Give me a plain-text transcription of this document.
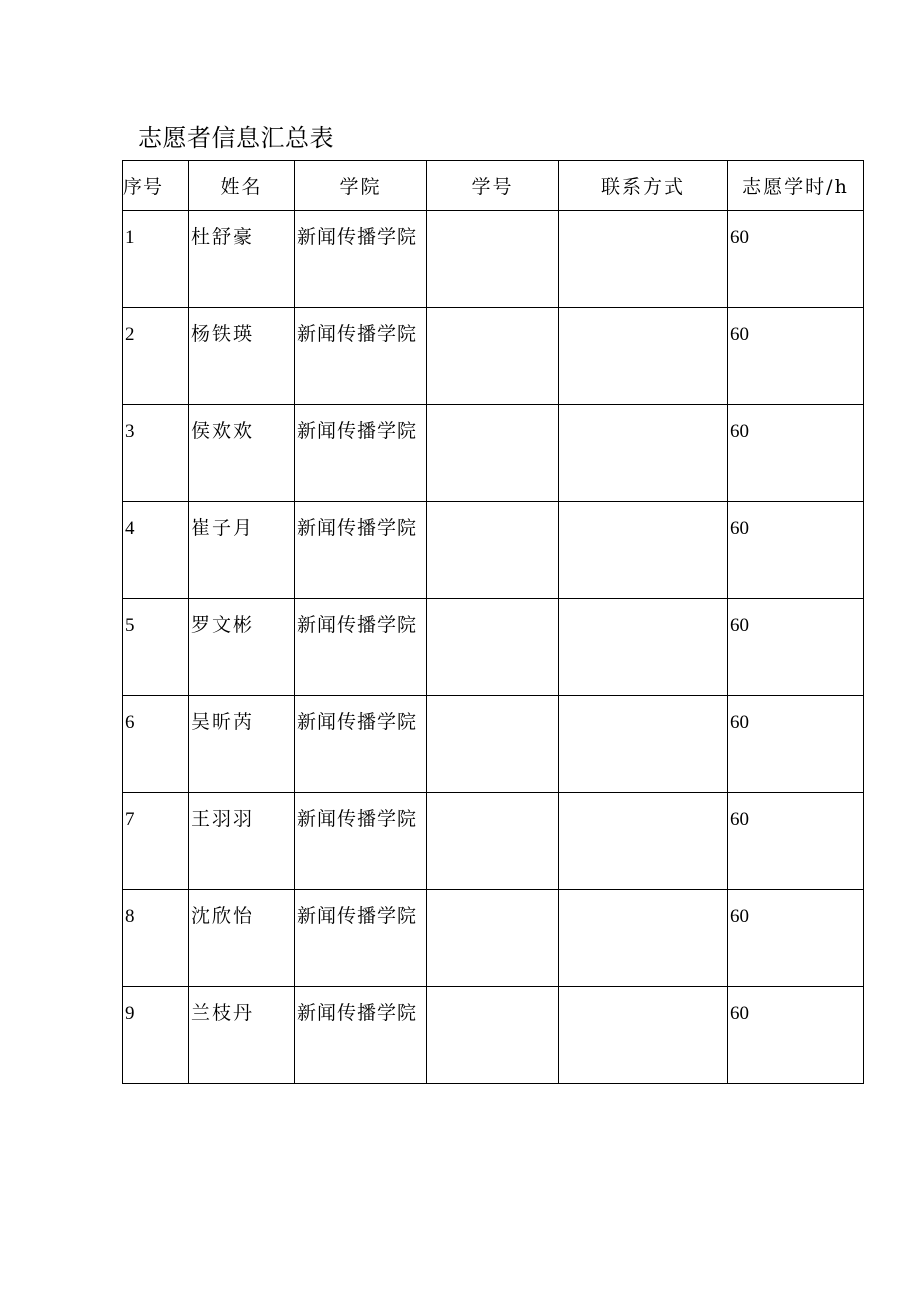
志愿者信息汇总表
序号	姓名	学院	学号	联系方式	志愿学时/h

1	杜舒豪	新闻传播学院			60

2	杨铁瑛	新闻传播学院			60

3	侯欢欢	新闻传播学院			60

4	崔子月	新闻传播学院			60

5	罗文彬	新闻传播学院			60

6	吴昕芮	新闻传播学院			60

7	王羽羽	新闻传播学院			60

8	沈欣怡	新闻传播学院			60

9	兰枝丹	新闻传播学院			60
